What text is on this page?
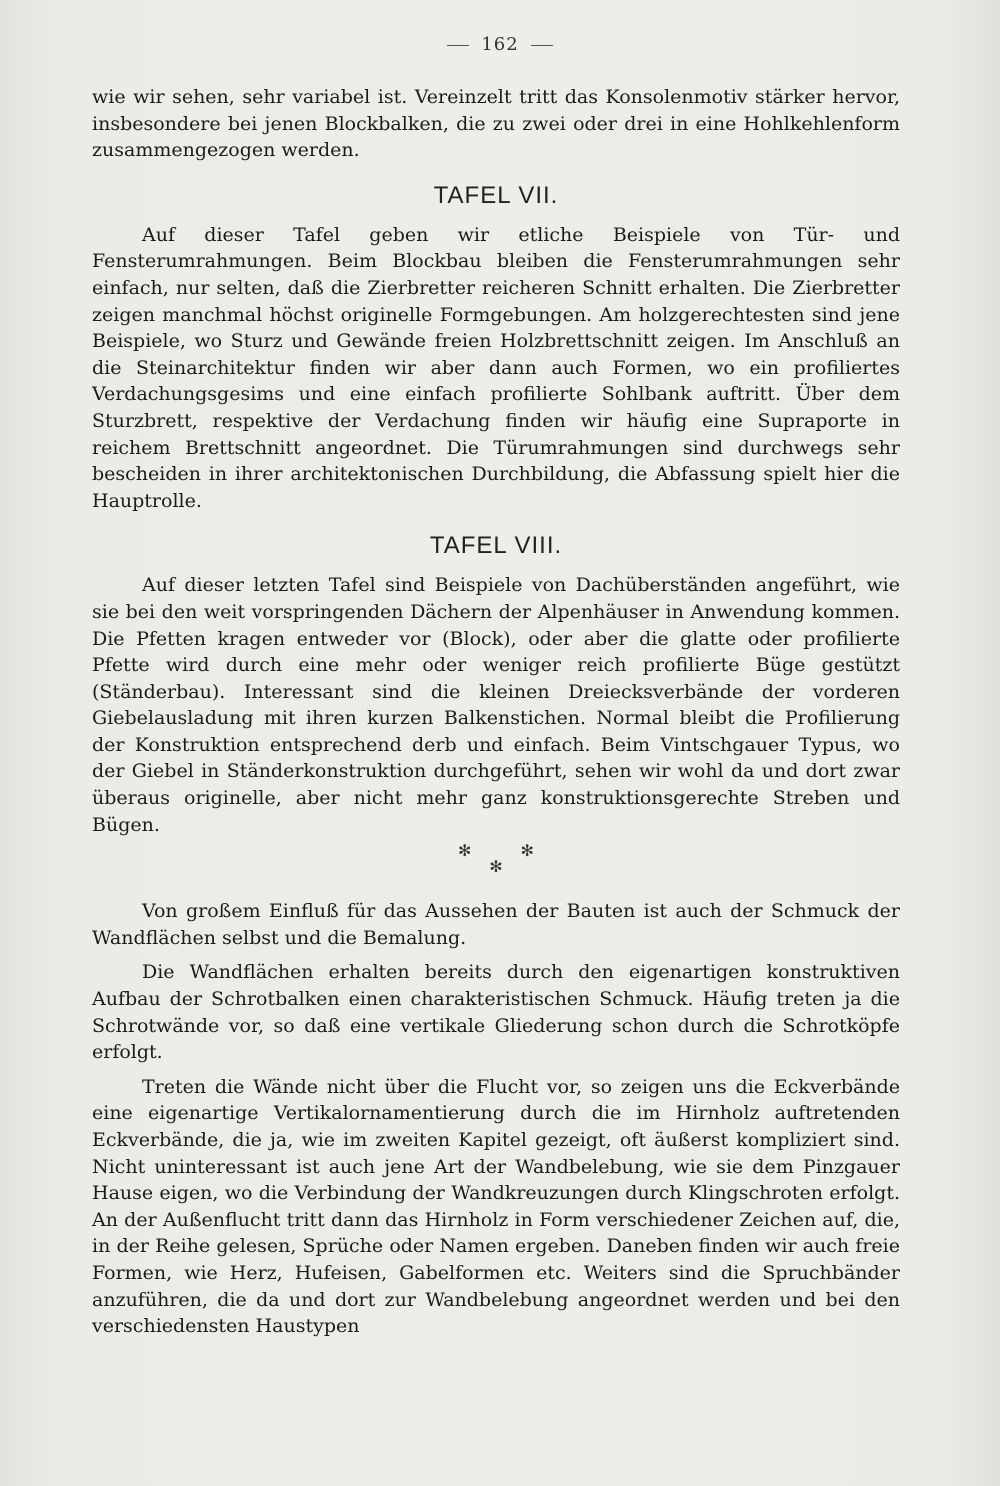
162

wie wir sehen, sehr variabel ist. Vereinzelt tritt das Konsolenmotiv stärker hervor, insbesondere bei jenen Blockbalken, die zu zwei oder drei in eine Hohlkehlenform zusammengezogen werden.

TAFEL VII.

Auf dieser Tafel geben wir etliche Beispiele von Tür- und Fensterumrahmungen. Beim Blockbau bleiben die Fensterumrahmungen sehr einfach, nur selten, daß die Zierbretter reicheren Schnitt erhalten. Die Zierbretter zeigen manchmal höchst originelle Formgebungen. Am holzgerechtesten sind jene Beispiele, wo Sturz und Gewände freien Holzbrettschnitt zeigen. Im Anschluß an die Steinarchitektur finden wir aber dann auch Formen, wo ein profiliertes Verdachungsgesims und eine einfach profilierte Sohlbank auftritt. Über dem Sturzbrett, respektive der Verdachung finden wir häufig eine Supraporte in reichem Brettschnitt angeordnet. Die Türumrahmungen sind durchwegs sehr bescheiden in ihrer architektonischen Durchbildung, die Abfassung spielt hier die Hauptrolle.

TAFEL VIII.

Auf dieser letzten Tafel sind Beispiele von Dachüberständen angeführt, wie sie bei den weit vorspringenden Dächern der Alpenhäuser in Anwendung kommen. Die Pfetten kragen entweder vor (Block), oder aber die glatte oder profilierte Pfette wird durch eine mehr oder weniger reich profilierte Büge gestützt (Ständerbau). Interessant sind die kleinen Dreiecksverbände der vorderen Giebelausladung mit ihren kurzen Balkenstichen. Normal bleibt die Profilierung der Konstruktion entsprechend derb und einfach. Beim Vintschgauer Typus, wo der Giebel in Ständerkonstruktion durchgeführt, sehen wir wohl da und dort zwar überaus originelle, aber nicht mehr ganz konstruktionsgerechte Streben und Bügen.

✻	✻
✻

Von großem Einfluß für das Aussehen der Bauten ist auch der Schmuck der Wandflächen selbst und die Bemalung.

Die Wandflächen erhalten bereits durch den eigenartigen konstruktiven Aufbau der Schrotbalken einen charakteristischen Schmuck. Häufig treten ja die Schrotwände vor, so daß eine vertikale Gliederung schon durch die Schrotköpfe erfolgt.

Treten die Wände nicht über die Flucht vor, so zeigen uns die Eckverbände eine eigenartige Vertikalornamentierung durch die im Hirnholz auftretenden Eckverbände, die ja, wie im zweiten Kapitel gezeigt, oft äußerst kompliziert sind. Nicht uninteressant ist auch jene Art der Wandbelebung, wie sie dem Pinzgauer Hause eigen, wo die Verbindung der Wandkreuzungen durch Klingschroten erfolgt. An der Außenflucht tritt dann das Hirnholz in Form verschiedener Zeichen auf, die, in der Reihe gelesen, Sprüche oder Namen ergeben. Daneben finden wir auch freie Formen, wie Herz, Hufeisen, Gabelformen etc. Weiters sind die Spruchbänder anzuführen, die da und dort zur Wandbelebung angeordnet werden und bei den verschiedensten Haustypen
